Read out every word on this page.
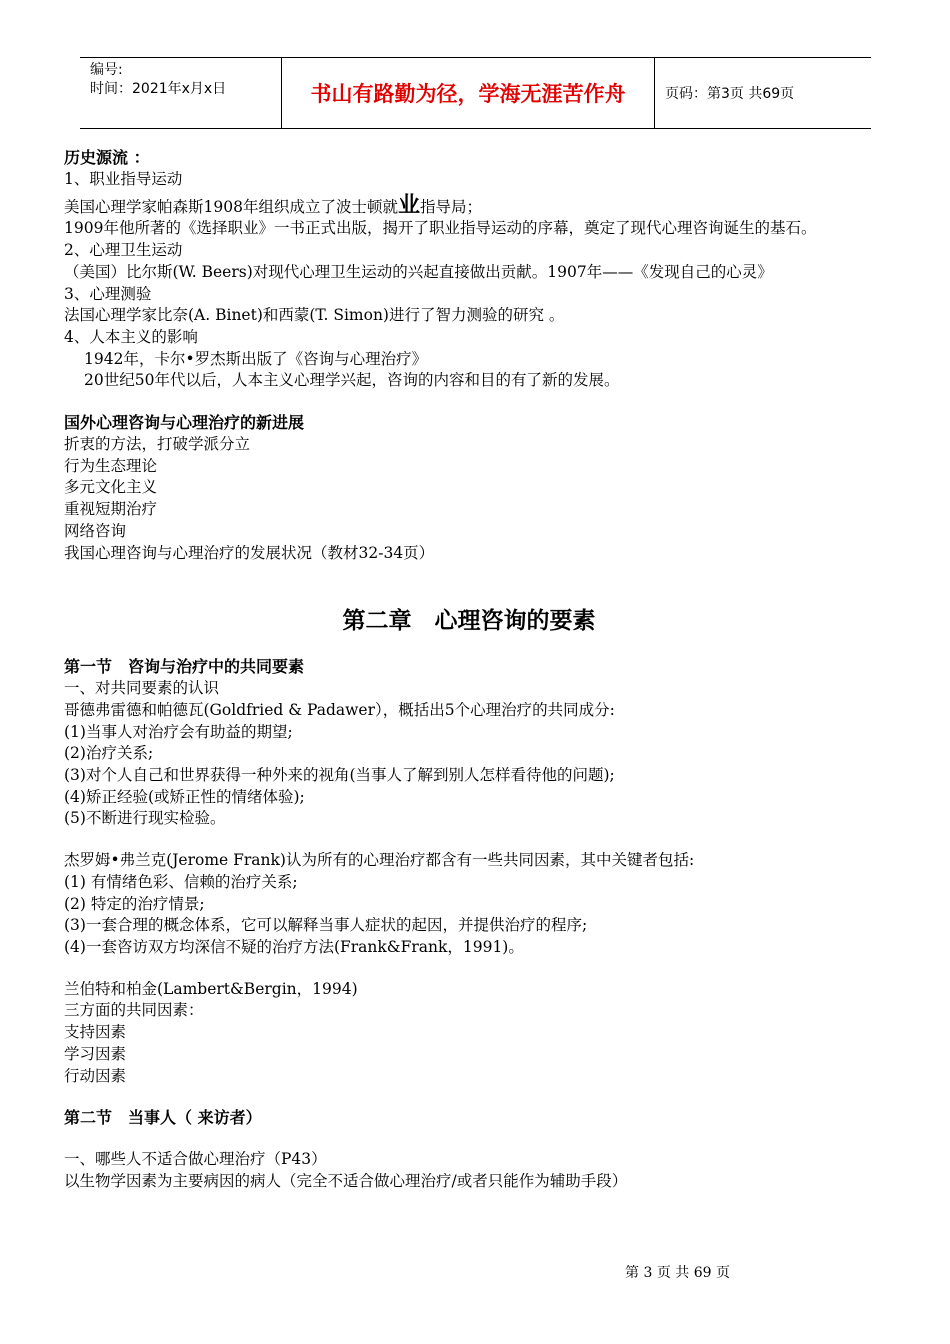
编号:
时间：2021年x月x日	书山有路勤为径，学海无涯苦作舟	页码：第3页 共69页

历史源流 ：

1、职业指导运动

美国心理学家帕森斯1908年组织成立了波士顿就业指导局；

1909年他所著的《选择职业》一书正式出版，揭开了职业指导运动的序幕，奠定了现代心理咨询诞生的基石。

2、心理卫生运动

（美国）比尔斯(W. Beers)对现代心理卫生运动的兴起直接做出贡献。1907年——《发现自己的心灵》

3、心理测验

法国心理学家比奈(A. Binet)和西蒙(T. Simon)进行了智力测验的研究 。

4、人本主义的影响

1942年，卡尔•罗杰斯出版了《咨询与心理治疗》

20世纪50年代以后，人本主义心理学兴起，咨询的内容和目的有了新的发展。

国外心理咨询与心理治疗的新进展

折衷的方法，打破学派分立

行为生态理论

多元文化主义

重视短期治疗

网络咨询

我国心理咨询与心理治疗的发展状况（教材32-34页）

第二章　心理咨询的要素

第一节　咨询与治疗中的共同要素

一、对共同要素的认识

哥德弗雷德和帕德瓦(Goldfried & Padawer），概括出5个心理治疗的共同成分:

(1)当事人对治疗会有助益的期望;

(2)治疗关系;

(3)对个人自己和世界获得一种外来的视角(当事人了解到别人怎样看待他的问题);

(4)矫正经验(或矫正性的情绪体验);

(5)不断进行现实检验。

杰罗姆•弗兰克(Jerome Frank)认为所有的心理治疗都含有一些共同因素，其中关键者包括:

(1) 有情绪色彩、信赖的治疗关系;

(2) 特定的治疗情景;

(3)一套合理的概念体系，它可以解释当事人症状的起因，并提供治疗的程序;

(4)一套咨访双方均深信不疑的治疗方法(Frank&Frank，1991)。

兰伯特和柏金(Lambert&Bergin，1994)

三方面的共同因素：

支持因素

学习因素

行动因素

第二节　当事人（ 来访者）

一、哪些人不适合做心理治疗（P43）

以生物学因素为主要病因的病人（完全不适合做心理治疗/或者只能作为辅助手段）

第 3 页 共 69 页
